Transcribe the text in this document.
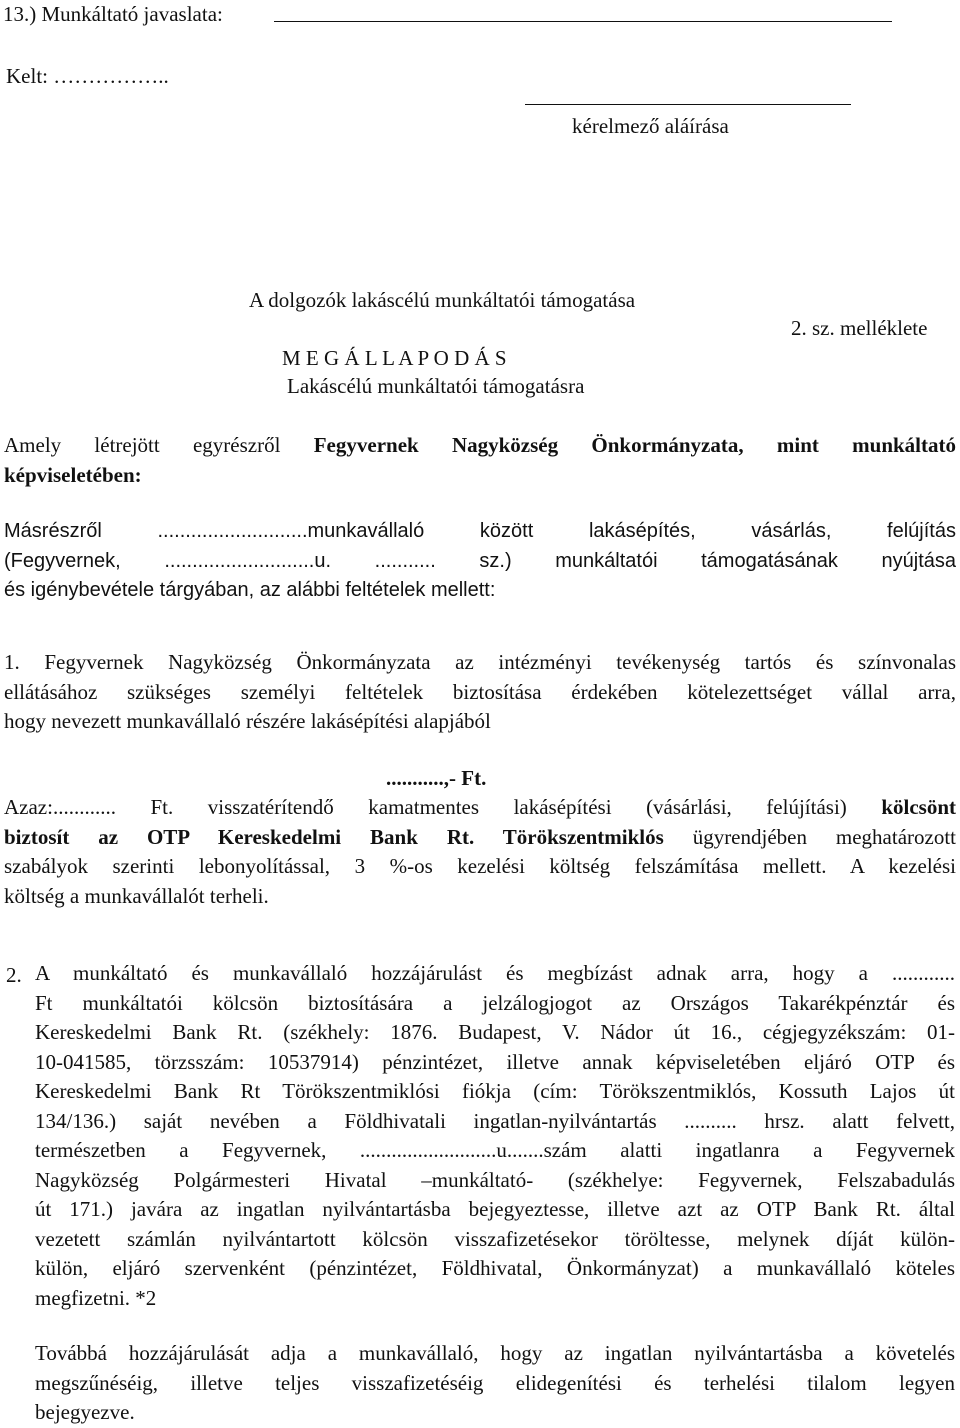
13.) Munkáltató javaslata:
Kelt: ……………..
kérelmező aláírása
A dolgozók lakáscélú munkáltatói támogatása
2. sz. melléklete
M E G Á L L A P O D Á S
Lakáscélú munkáltatói támogatásra
Amely létrejött egyrészről Fegyvernek Nagyközség Önkormányzata, mint munkáltató
képviseletében:
Másrészről ...........................munkavállaló között lakásépítés, vásárlás, felújítás
(Fegyvernek, ...........................u. ........... sz.) munkáltatói támogatásának nyújtása
és igénybevétele tárgyában, az alábbi feltételek mellett:
1. Fegyvernek Nagyközség Önkormányzata az intézményi tevékenység tartós és színvonalas
ellátásához szükséges személyi feltételek biztosítása érdekében kötelezettséget vállal arra,
hogy nevezett munkavállaló részére lakásépítési alapjából
...........,- Ft.
Azaz:............ Ft. visszatérítendő kamatmentes lakásépítési (vásárlási, felújítási) kölcsönt
biztosít az OTP Kereskedelmi Bank Rt. Törökszentmiklós ügyrendjében meghatározott
szabályok szerinti lebonyolítással, 3 %-os kezelési költség felszámítása mellett. A kezelési
költség a munkavállalót terheli.
2. A munkáltató és munkavállaló hozzájárulást és megbízást adnak arra, hogy a ............
Ft munkáltatói kölcsön biztosítására a jelzálogjogot az Országos Takarékpénztár és
Kereskedelmi Bank Rt. (székhely: 1876. Budapest, V. Nádor út 16., cégjegyzékszám: 01-
10-041585, törzsszám: 10537914) pénzintézet, illetve annak képviseletében eljáró OTP és
Kereskedelmi Bank Rt Törökszentmiklósi fiókja (cím: Törökszentmiklós, Kossuth Lajos út
134/136.) saját nevében a Földhivatali ingatlan-nyilvántartás .......... hrsz. alatt felvett,
természetben a Fegyvernek, ..........................u.......szám alatti ingatlanra a Fegyvernek
Nagyközség Polgármesteri Hivatal –munkáltató- (székhelye: Fegyvernek, Felszabadulás
út 171.) javára az ingatlan nyilvántartásba bejegyeztesse, illetve azt az OTP Bank Rt. által
vezetett számlán nyilvántartott kölcsön visszafizetésekor töröltesse, melynek díját külön-
külön, eljáró szervenként (pénzintézet, Földhivatal, Önkormányzat) a munkavállaló köteles
megfizetni. *2
Továbbá hozzájárulását adja a munkavállaló, hogy az ingatlan nyilvántartásba a követelés
megszűnéséig, illetve teljes visszafizetéséig elidegenítési és terhelési tilalom legyen
bejegyezve.
